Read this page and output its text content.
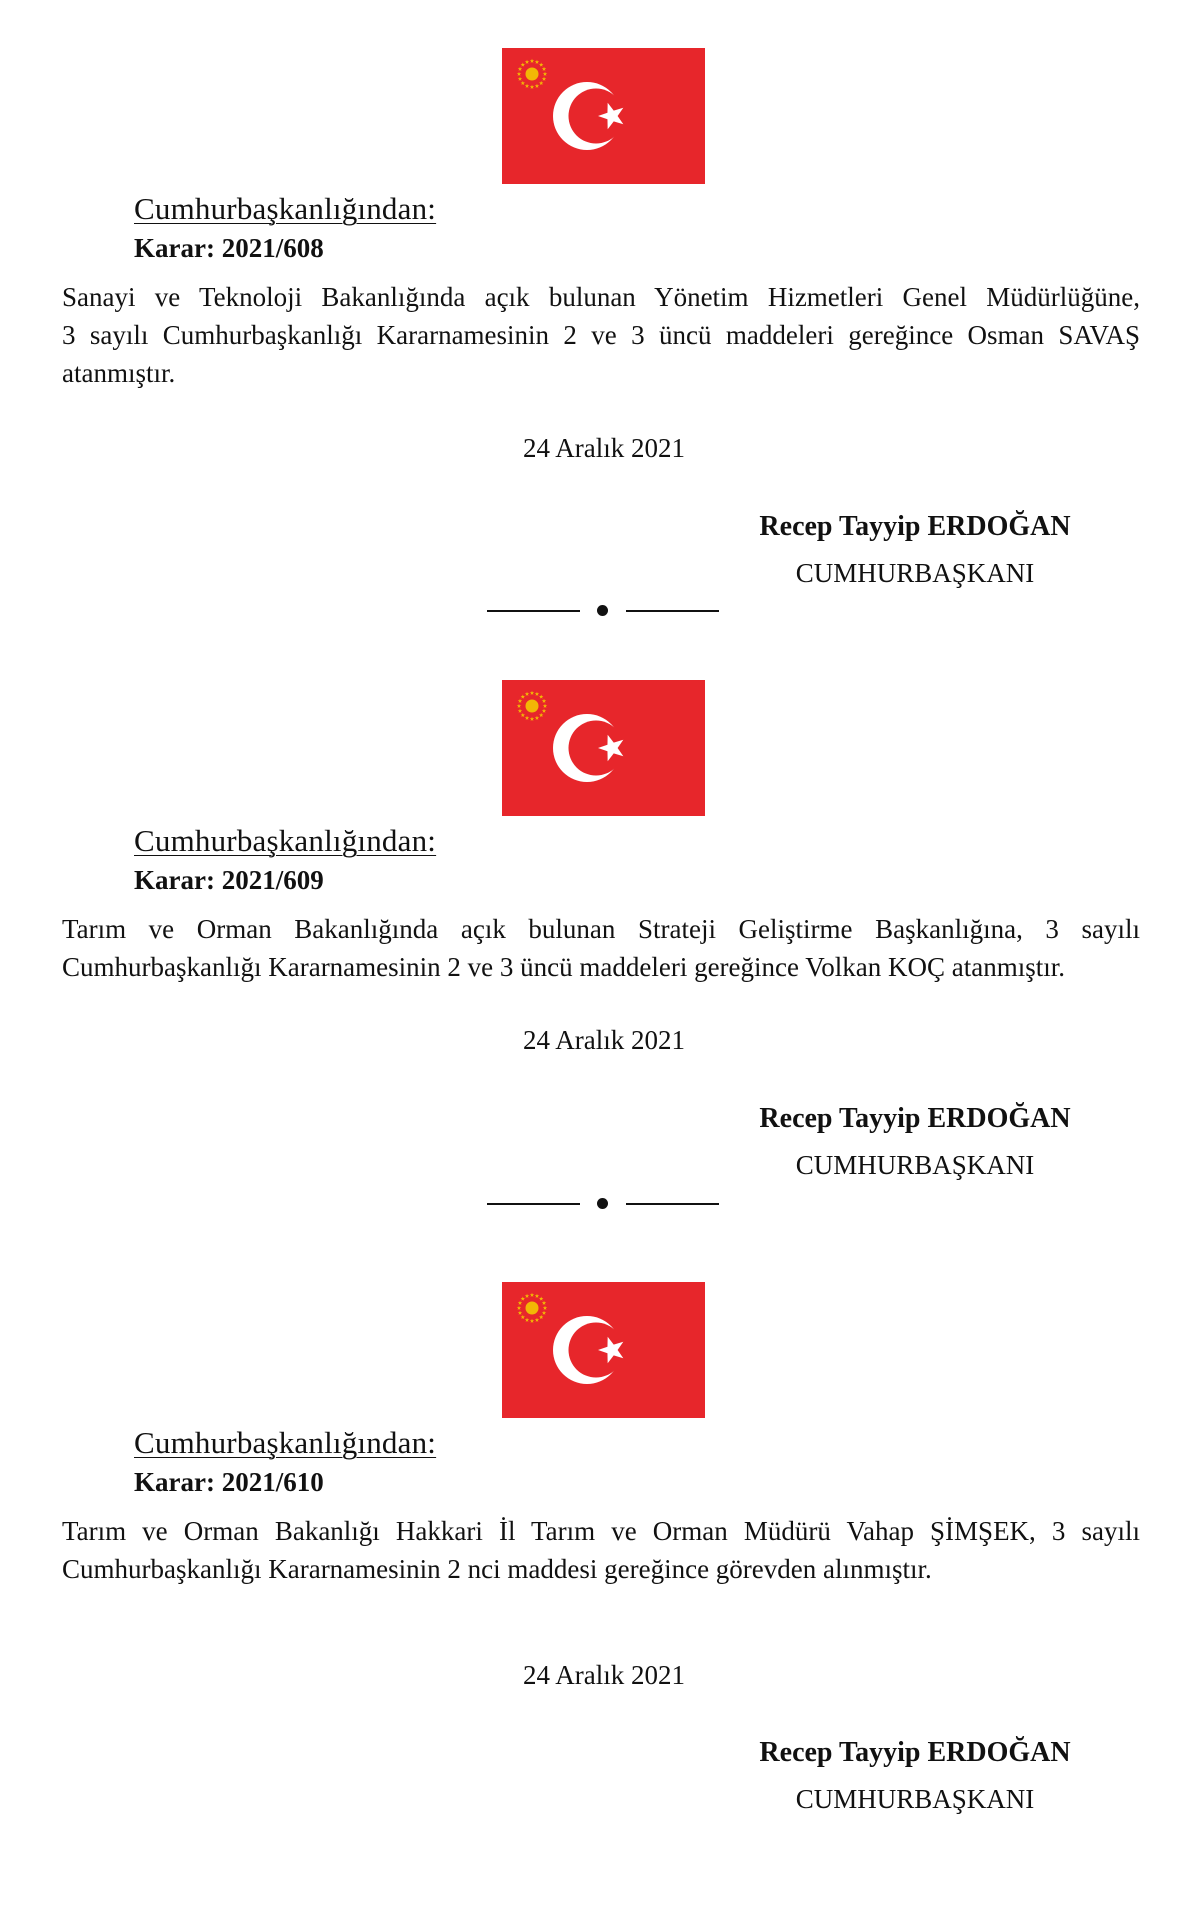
Cumhurbaşkanlığından:
Karar: 2021/608
Sanayi ve Teknoloji Bakanlığında açık bulunan Yönetim Hizmetleri Genel Müdürlüğüne,
3 sayılı Cumhurbaşkanlığı Kararnamesinin 2 ve 3 üncü maddeleri gereğince Osman SAVAŞ
atanmıştır.
24 Aralık 2021
Recep Tayyip ERDOĞAN
CUMHURBAŞKANI
Cumhurbaşkanlığından:
Karar: 2021/609
Tarım ve Orman Bakanlığında açık bulunan Strateji Geliştirme Başkanlığına, 3 sayılı
Cumhurbaşkanlığı Kararnamesinin 2 ve 3 üncü maddeleri gereğince Volkan KOÇ atanmıştır.
24 Aralık 2021
Recep Tayyip ERDOĞAN
CUMHURBAŞKANI
Cumhurbaşkanlığından:
Karar: 2021/610
Tarım ve Orman Bakanlığı Hakkari İl Tarım ve Orman Müdürü Vahap ŞİMŞEK, 3 sayılı
Cumhurbaşkanlığı Kararnamesinin 2 nci maddesi gereğince görevden alınmıştır.
24 Aralık 2021
Recep Tayyip ERDOĞAN
CUMHURBAŞKANI
